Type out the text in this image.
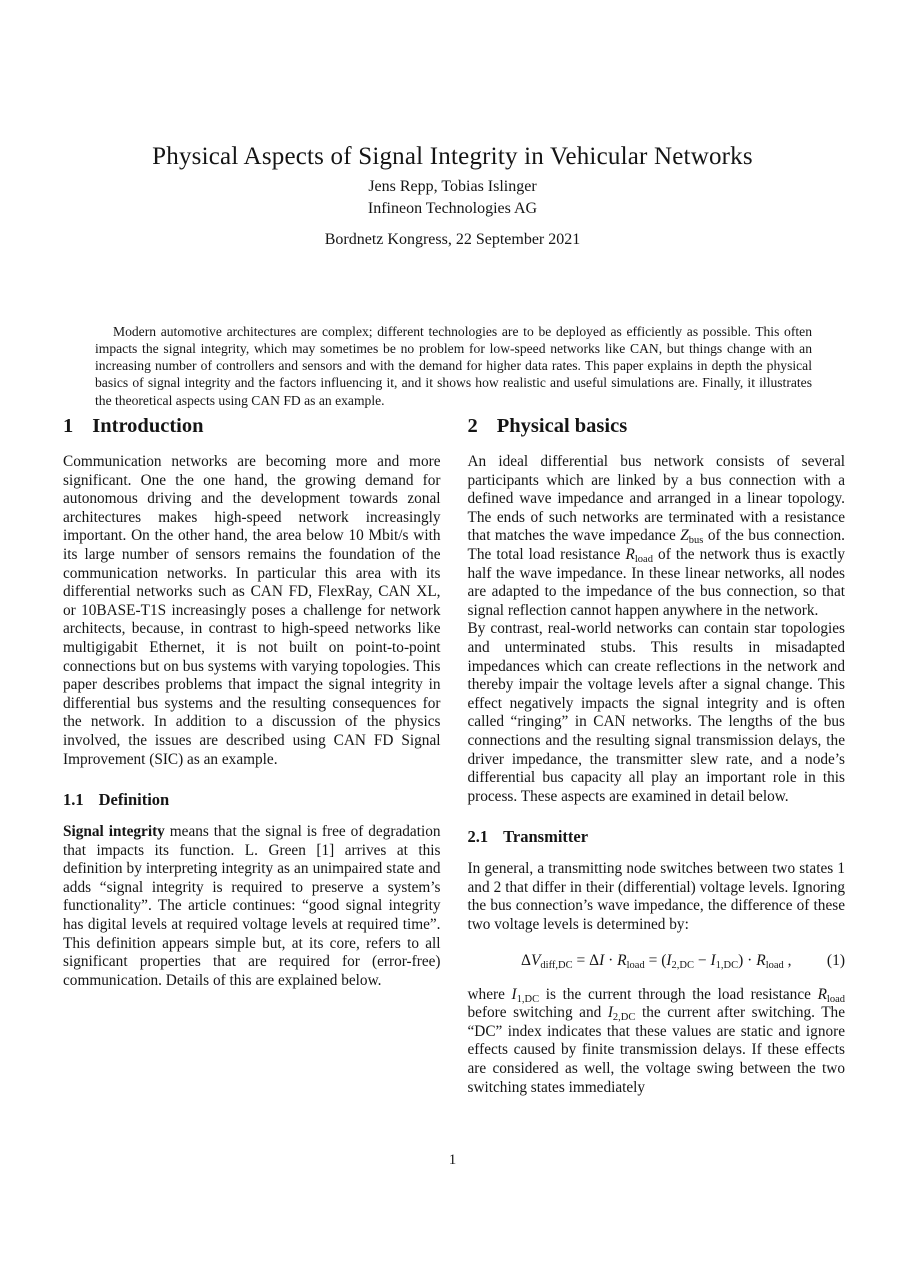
Physical Aspects of Signal Integrity in Vehicular Networks
Jens Repp, Tobias Islinger
Infineon Technologies AG
Bordnetz Kongress, 22 September 2021

Modern automotive architectures are complex; different technologies are to be deployed as efficiently as possible. This often impacts the signal integrity, which may sometimes be no problem for low-speed networks like CAN, but things change with an increasing number of controllers and sensors and with the demand for higher data rates. This paper explains in depth the physical basics of signal integrity and the factors influencing it, and it shows how realistic and useful simulations are. Finally, it illustrates the theoretical aspects using CAN FD as an example.

1 Introduction

Communication networks are becoming more and more significant. One the one hand, the growing demand for autonomous driving and the development towards zonal architectures makes high-speed network increasingly important. On the other hand, the area below 10 Mbit/s with its large number of sensors remains the foundation of the communication networks. In particular this area with its differential networks such as CAN FD, FlexRay, CAN XL, or 10BASE-T1S increasingly poses a challenge for network architects, because, in contrast to high-speed networks like multigigabit Ethernet, it is not built on point-to-point connections but on bus systems with varying topologies. This paper describes problems that impact the signal integrity in differential bus systems and the resulting consequences for the network. In addition to a discussion of the physics involved, the issues are described using CAN FD Signal Improvement (SIC) as an example.

1.1 Definition

Signal integrity means that the signal is free of degradation that impacts its function. L. Green [1] arrives at this definition by interpreting integrity as an unimpaired state and adds “signal integrity is required to preserve a system’s functionality”. The article continues: “good signal integrity has digital levels at required voltage levels at required time”. This definition appears simple but, at its core, refers to all significant properties that are required for (error-free) communication. Details of this are explained below.

2 Physical basics

An ideal differential bus network consists of several participants which are linked by a bus connection with a defined wave impedance and arranged in a linear topology. The ends of such networks are terminated with a resistance that matches the wave impedance $Z_{bus}$ of the bus connection. The total load resistance $R_{load}$ of the network thus is exactly half the wave impedance. In these linear networks, all nodes are adapted to the impedance of the bus connection, so that signal reflection cannot happen anywhere in the network.

By contrast, real-world networks can contain star topologies and unterminated stubs. This results in misadapted impedances which can create reflections in the network and thereby impair the voltage levels after a signal change. This effect negatively impacts the signal integrity and is often called “ringing” in CAN networks. The lengths of the bus connections and the resulting signal transmission delays, the driver impedance, the transmitter slew rate, and a node’s differential bus capacity all play an important role in this process. These aspects are examined in detail below.

2.1 Transmitter

In general, a transmitting node switches between two states 1 and 2 that differ in their (differential) voltage levels. Ignoring the bus connection’s wave impedance, the difference of these two voltage levels is determined by:

$\Delta V_{diff,DC} = \Delta I \cdot R_{load} = (I_{2,DC} - I_{1,DC}) \cdot R_{load}$ , (1)

where $I_{1,DC}$ is the current through the load resistance $R_{load}$ before switching and $I_{2,DC}$ the current after switching. The “DC” index indicates that these values are static and ignore effects caused by finite transmission delays. If these effects are considered as well, the voltage swing between the two switching states immediately

1
